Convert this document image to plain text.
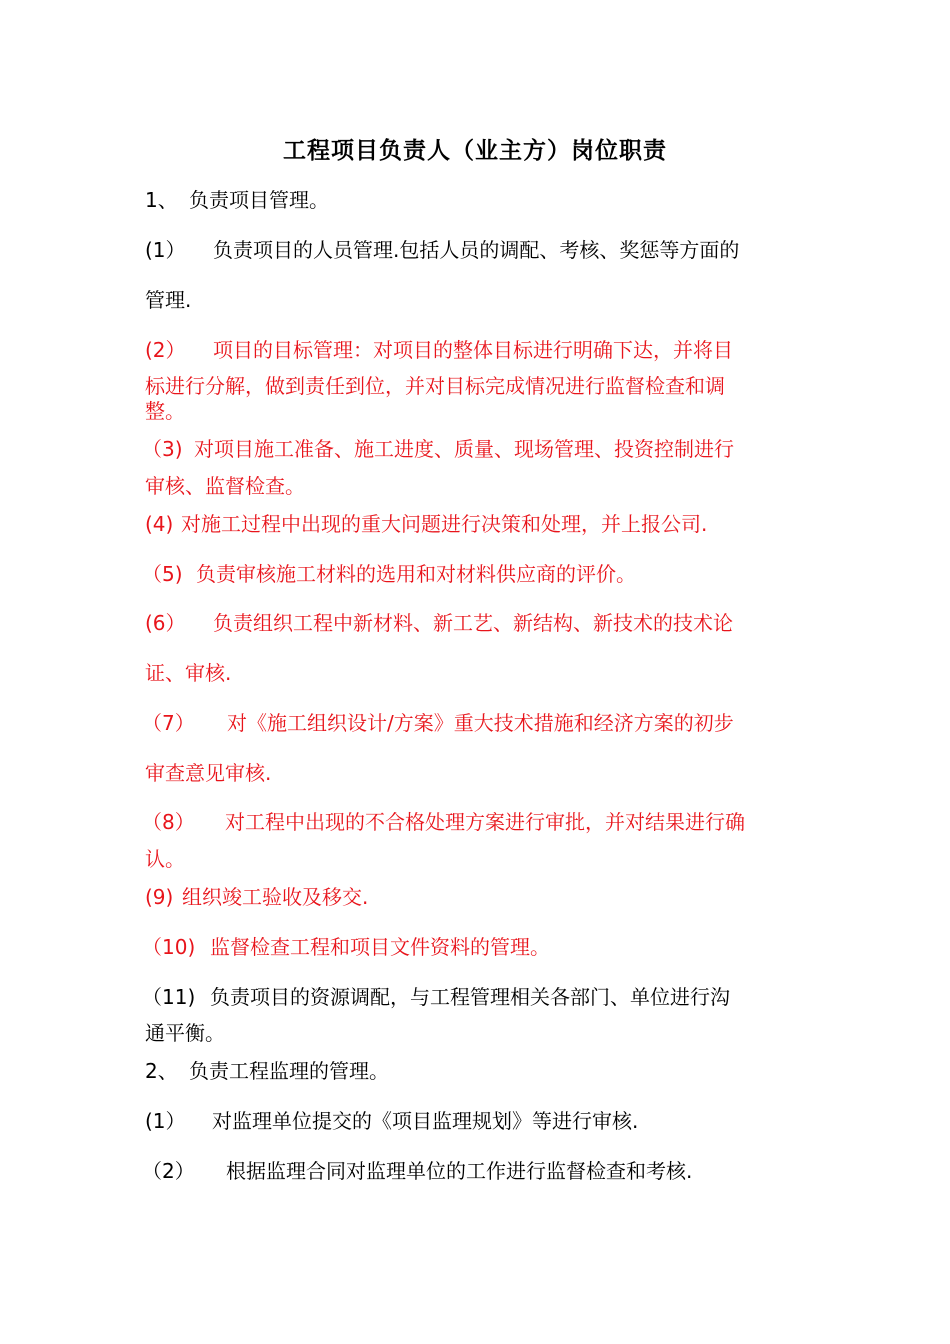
工程项目负责人（业主方）岗位职责
1、 负责项目管理。
(1） 负责项目的人员管理.包括人员的调配、考核、奖惩等方面的
管理.
(2） 项目的目标管理：对项目的整体目标进行明确下达，并将目
标进行分解，做到责任到位，并对目标完成情况进行监督检查和调
整。
（3) 对项目施工准备、施工进度、质量、现场管理、投资控制进行
审核、监督检查。
(4) 对施工过程中出现的重大问题进行决策和处理，并上报公司.
（5) 负责审核施工材料的选用和对材料供应商的评价。
(6） 负责组织工程中新材料、新工艺、新结构、新技术的技术论
证、审核.
（7） 对《施工组织设计/方案》重大技术措施和经济方案的初步
审查意见审核.
（8） 对工程中出现的不合格处理方案进行审批，并对结果进行确
认。
(9) 组织竣工验收及移交.
（10) 监督检查工程和项目文件资料的管理。
（11) 负责项目的资源调配，与工程管理相关各部门、单位进行沟
通平衡。
2、 负责工程监理的管理。
(1） 对监理单位提交的《项目监理规划》等进行审核.
（2） 根据监理合同对监理单位的工作进行监督检查和考核.
